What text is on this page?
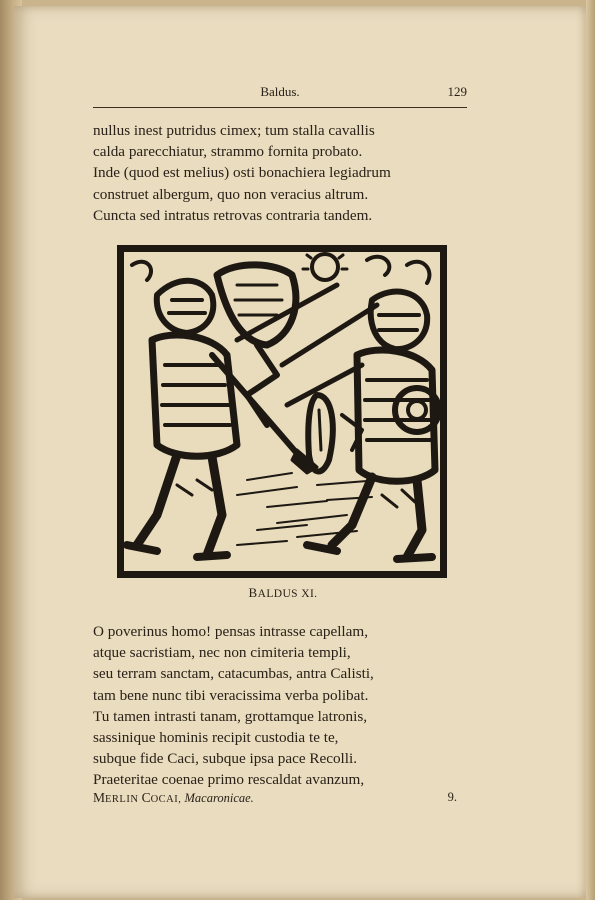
Baldus.	129
nullus inest putridus cimex; tum stalla cavallis
calda parecchiatur, strammo fornita probato.
Inde (quod est melius) osti bonachiera legiadrum
construet albergum, quo non veracius altrum.
Cuncta sed intratus retrovas contraria tandem.
BALDUS XI.
O poverinus homo! pensas intrasse capellam,
atque sacristiam, nec non cimiteria templi,
seu terram sanctam, catacumbas, antra Calisti,
tam bene nunc tibi veracissima verba polibat.
Tu tamen intrasti tanam, grottamque latronis,
sassinique hominis recipit custodia te te,
subque fide Caci, subque ipsa pace Recolli.
Praeteritae coenae primo rescaldat avanzum,
MERLIN COCAI, Macaronicae.	9.
